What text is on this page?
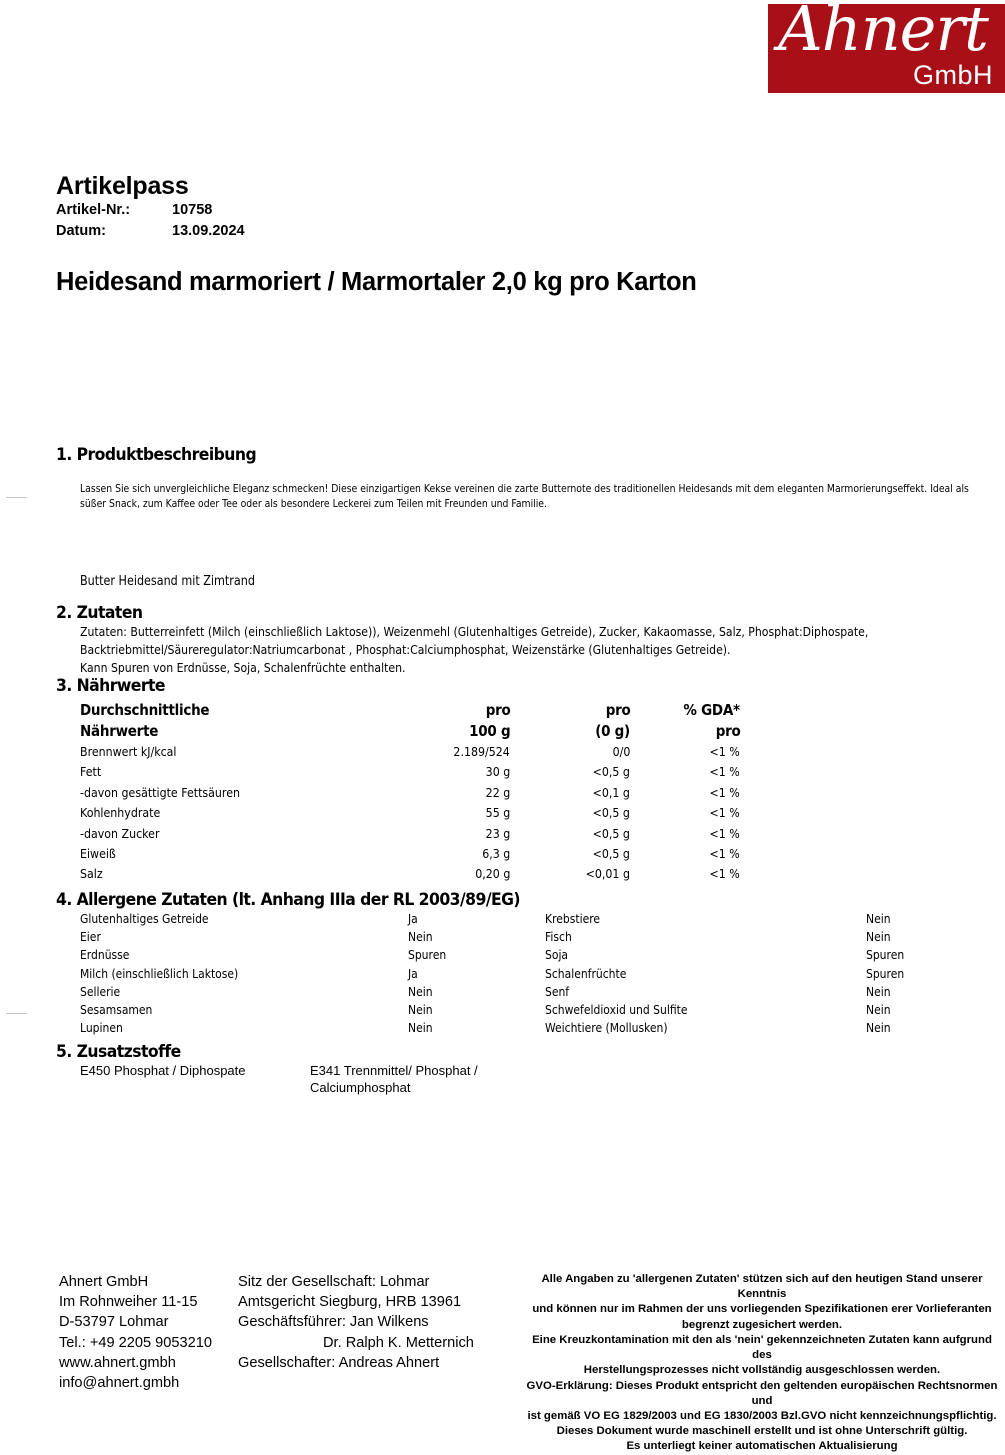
Ahnert
GmbH
Artikelpass
Artikel-Nr.:	10758
Datum:	13.09.2024
Heidesand marmoriert / Marmortaler 2,0 kg pro Karton
1. Produktbeschreibung
Lassen Sie sich unvergleichliche Eleganz schmecken! Diese einzigartigen Kekse vereinen die zarte Butternote des traditionellen Heidesands mit dem eleganten Marmorierungseffekt. Ideal als süßer Snack, zum Kaffee oder Tee oder als besondere Leckerei zum Teilen mit Freunden und Familie.
Butter Heidesand mit Zimtrand
2. Zutaten
Zutaten: Butterreinfett (Milch (einschließlich Laktose)), Weizenmehl (Glutenhaltiges Getreide), Zucker, Kakaomasse, Salz, Phosphat:Diphospate,
Backtriebmittel/Säureregulator:Natriumcarbonat , Phosphat:Calciumphosphat, Weizenstärke (Glutenhaltiges Getreide).
Kann Spuren von Erdnüsse, Soja, Schalenfrüchte enthalten.
3. Nährwerte
Durchschnittliche	pro	pro	% GDA*
Nährwerte	100 g	(0 g)	pro
Brennwert kJ/kcal	2.189/524	0/0	<1 %
Fett	30 g	<0,5 g	<1 %
-davon gesättigte Fettsäuren	22 g	<0,1 g	<1 %
Kohlenhydrate	55 g	<0,5 g	<1 %
-davon Zucker	23 g	<0,5 g	<1 %
Eiweiß	6,3 g	<0,5 g	<1 %
Salz	0,20 g	<0,01 g	<1 %
4. Allergene Zutaten (lt. Anhang IIIa der RL 2003/89/EG)
Glutenhaltiges Getreide	Ja	Krebstiere	Nein
Eier	Nein	Fisch	Nein
Erdnüsse	Spuren	Soja	Spuren
Milch (einschließlich Laktose)	Ja	Schalenfrüchte	Spuren
Sellerie	Nein	Senf	Nein
Sesamsamen	Nein	Schwefeldioxid und Sulfite	Nein
Lupinen	Nein	Weichtiere (Mollusken)	Nein
5. Zusatzstoffe
E450 Phosphat / Diphospate	E341 Trennmittel/ Phosphat /
Calciumphosphat
Ahnert GmbH
Im Rohnweiher 11-15
D-53797 Lohmar
Tel.: +49 2205 9053210
www.ahnert.gmbh
info@ahnert.gmbh
Sitz der Gesellschaft: Lohmar
Amtsgericht Siegburg, HRB 13961
Geschäftsführer: Jan Wilkens
Dr. Ralph K. Metternich
Gesellschafter: Andreas Ahnert
Alle Angaben zu 'allergenen Zutaten' stützen sich auf den heutigen Stand unserer Kenntnis
und können nur im Rahmen der uns vorliegenden Spezifikationen erer Vorlieferanten
begrenzt zugesichert werden.
Eine Kreuzkontamination mit den als 'nein' gekennzeichneten Zutaten kann aufgrund des
Herstellungsprozesses nicht vollständig ausgeschlossen werden.
GVO-Erklärung: Dieses Produkt entspricht den geltenden europäischen Rechtsnormen und
ist gemäß VO EG 1829/2003 und EG 1830/2003 Bzl.GVO nicht kennzeichnungspflichtig.
Dieses Dokument wurde maschinell erstellt und ist ohne Unterschrift gültig.
Es unterliegt keiner automatischen Aktualisierung
